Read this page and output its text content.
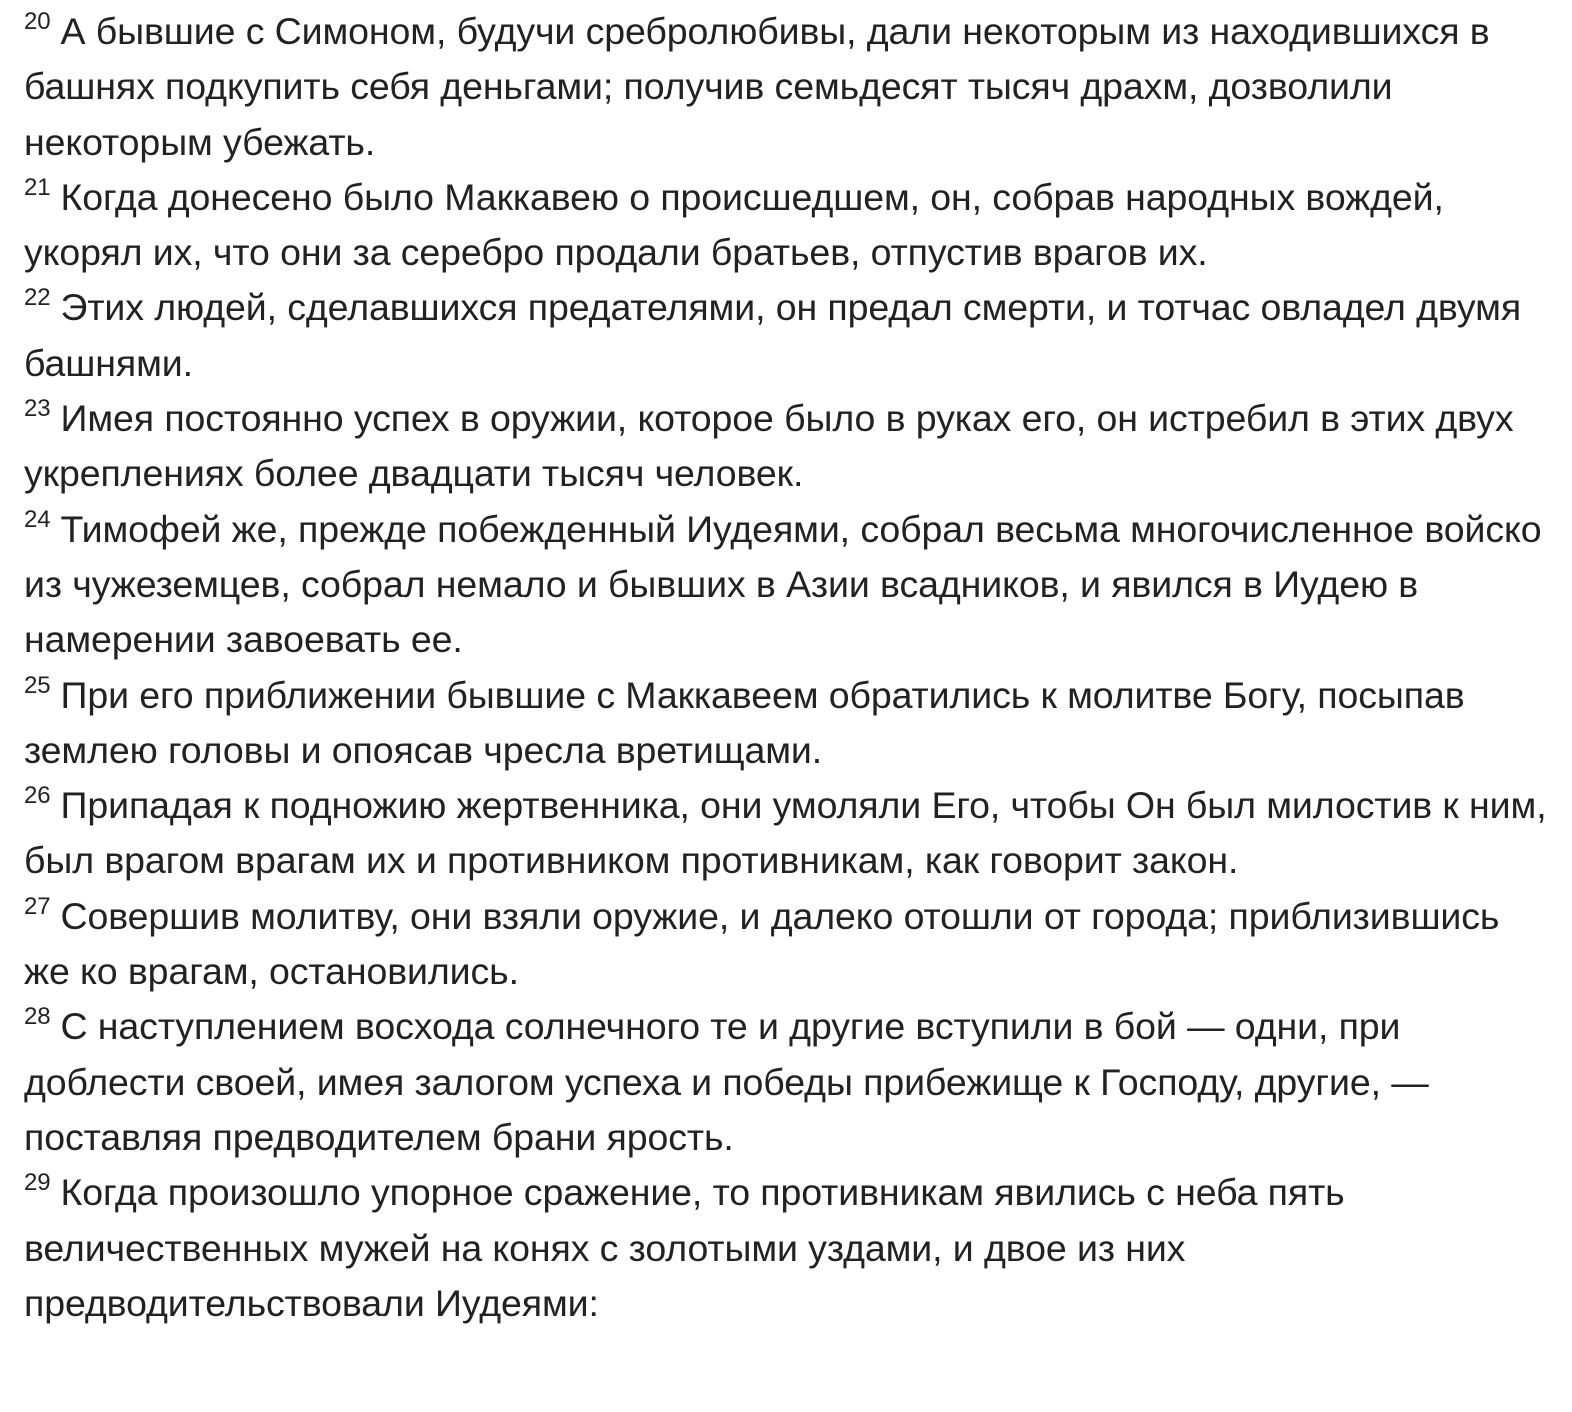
$^{20}$ А бывшие с Симоном, будучи сребролюбивы, дали некоторым из находившихся в башнях подкупить себя деньгами; получив семьдесят тысяч драхм, дозволили некоторым убежать.

$^{21}$ Когда донесено было Маккавею о происшедшем, он, собрав народных вождей, укорял их, что они за серебро продали братьев, отпустив врагов их.

$^{22}$ Этих людей, сделавшихся предателями, он предал смерти, и тотчас овладел двумя башнями.

$^{23}$ Имея постоянно успех в оружии, которое было в руках его, он истребил в этих двух укреплениях более двадцати тысяч человек.

$^{24}$ Тимофей же, прежде побежденный Иудеями, собрал весьма многочисленное войско из чужеземцев, собрал немало и бывших в Азии всадников, и явился в Иудею в намерении завоевать ее.

$^{25}$ При его приближении бывшие с Маккавеем обратились к молитве Богу, посыпав землею головы и опоясав чресла вретищами.

$^{26}$ Припадая к подножию жертвенника, они умоляли Его, чтобы Он был милостив к ним, был врагом врагам их и противником противникам, как говорит закон.

$^{27}$ Совершив молитву, они взяли оружие, и далеко отошли от города; приблизившись же ко врагам, остановились.

$^{28}$ С наступлением восхода солнечного те и другие вступили в бой — одни, при доблести своей, имея залогом успеха и победы прибежище к Господу, другие, — поставляя предводителем брани ярость.

$^{29}$ Когда произошло упорное сражение, то противникам явились с неба пять величественных мужей на конях с золотыми уздами, и двое из них предводительствовали Иудеями:
